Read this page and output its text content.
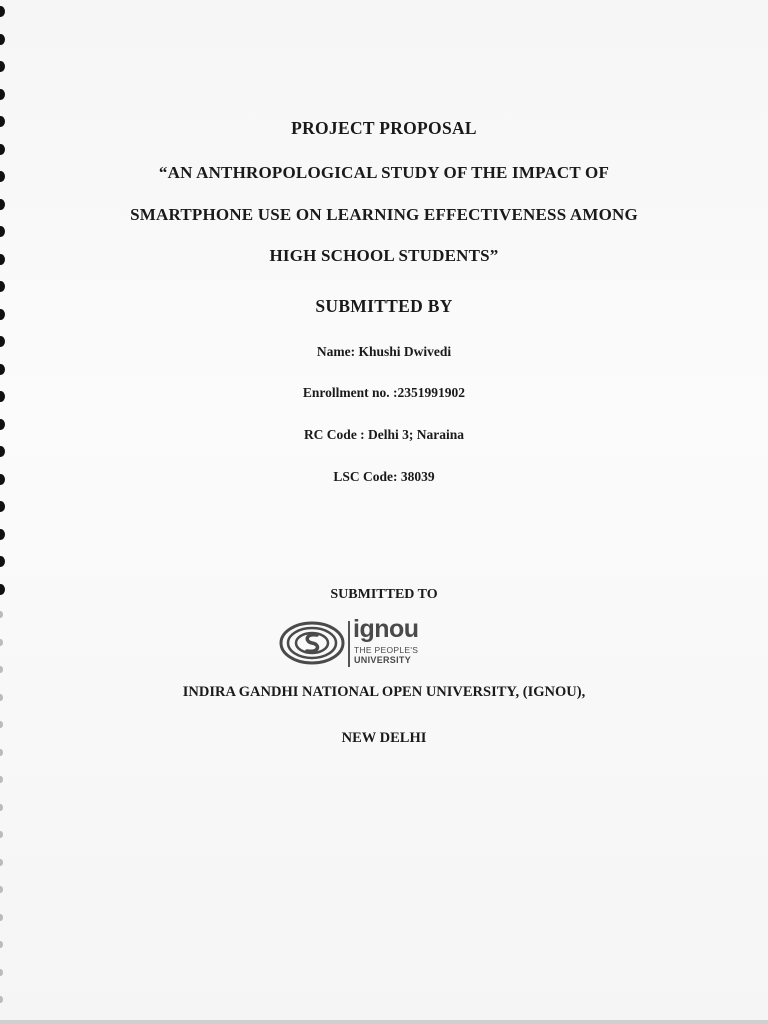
PROJECT PROPOSAL
“AN ANTHROPOLOGICAL STUDY OF THE IMPACT OF
SMARTPHONE USE ON LEARNING EFFECTIVENESS AMONG
HIGH SCHOOL STUDENTS”
SUBMITTED BY
Name: Khushi Dwivedi
Enrollment no. :2351991902
RC Code : Delhi 3; Naraina
LSC Code: 38039
SUBMITTED TO
ignou
THE PEOPLE'S
UNIVERSITY
INDIRA GANDHI NATIONAL OPEN UNIVERSITY, (IGNOU),
NEW DELHI
